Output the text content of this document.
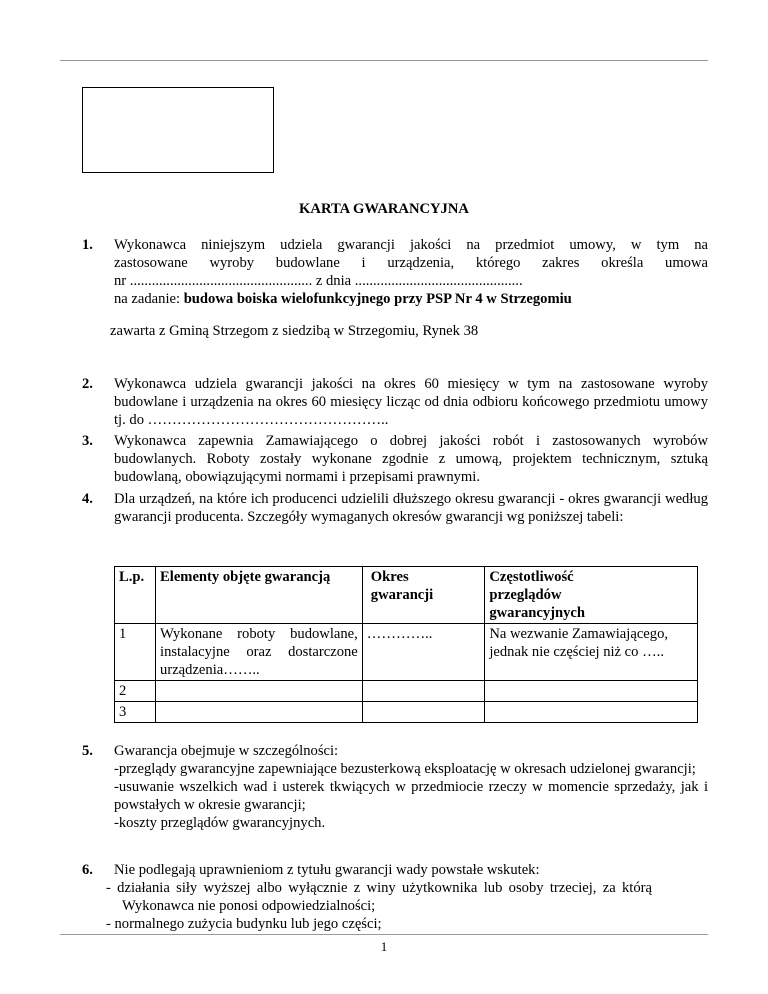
KARTA GWARANCYJNA
1. Wykonawca niniejszym udziela gwarancji jakości na przedmiot umowy, w tym na
zastosowane wyroby budowlane i urządzenia, którego zakres określa umowa
nr .................................................. z dnia ..............................................
na zadanie: budowa boiska wielofunkcyjnego przy PSP Nr 4 w Strzegomiu
zawarta z Gminą Strzegom z siedzibą w Strzegomiu, Rynek 38
2. Wykonawca udziela gwarancji jakości na okres 60 miesięcy w tym na zastosowane wyroby budowlane i urządzenia na okres 60 miesięcy licząc od dnia odbioru końcowego przedmiotu umowy tj. do …………………………………………..
3. Wykonawca zapewnia Zamawiającego o dobrej jakości robót i zastosowanych wyrobów budowlanych. Roboty zostały wykonane zgodnie z umową, projektem technicznym, sztuką budowlaną, obowiązującymi normami i przepisami prawnymi.
4. Dla urządzeń, na które ich producenci udzielili dłuższego okresu gwarancji - okres gwarancji według gwarancji producenta. Szczegóły wymaganych okresów gwarancji wg poniższej tabeli:
L.p.	Elementy objęte gwarancją	Okres gwarancji	Częstotliwość przeglądów gwarancyjnych
1	Wykonane roboty budowlane, instalacyjne oraz dostarczone urządzenia……..	…………..	Na wezwanie Zamawiającego, jednak nie częściej niż co …..
2			
3			
5. Gwarancja obejmuje w szczególności:
-przeglądy gwarancyjne zapewniające bezusterkową eksploatację w okresach udzielonej gwarancji;
-usuwanie wszelkich wad i usterek tkwiących w przedmiocie rzeczy w momencie sprzedaży, jak i powstałych w okresie gwarancji;
-koszty przeglądów gwarancyjnych.
6. Nie podlegają uprawnieniom z tytułu gwarancji wady powstałe wskutek:
- działania siły wyższej albo wyłącznie z winy użytkownika lub osoby trzeciej, za którą
Wykonawca nie ponosi odpowiedzialności;
- normalnego zużycia budynku lub jego części;
1
